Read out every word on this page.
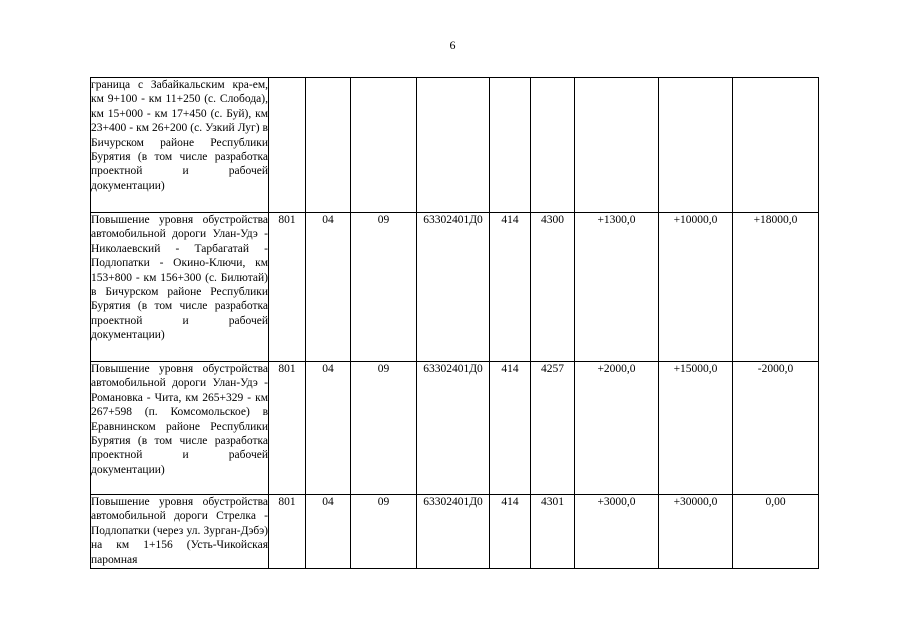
6
граница с Забайкальским кра-ем, км 9+100 - км 11+250 (с. Слобода), км 15+000 - км 17+450 (с. Буй), км 23+400 - км 26+200 (с. Узкий Луг) в Бичурском районе Республики Бурятия (в том числе разработка проектной и рабочей документации)									
Повышение уровня обустройства автомобильной дороги Улан-Удэ - Николаевский - Тарбагатай - Подлопатки - Окино-Ключи, км 153+800 - км 156+300 (с. Билютай) в Бичурском районе Республики Бурятия (в том числе разработка проектной и рабочей документации)	801	04	09	63302401Д0	414	4300	+1300,0	+10000,0	+18000,0
Повышение уровня обустройства автомобильной дороги Улан-Удэ - Романовка - Чита, км 265+329 - км 267+598 (п. Комсомольское) в Еравнинском районе Республики Бурятия (в том числе разработка проектной и рабочей документации)	801	04	09	63302401Д0	414	4257	+2000,0	+15000,0	-2000,0
Повышение уровня обустройства автомобильной дороги Стрелка - Подлопатки (через ул. Зурган-Дэбэ) на км 1+156 (Усть-Чикойская паромная	801	04	09	63302401Д0	414	4301	+3000,0	+30000,0	0,00
